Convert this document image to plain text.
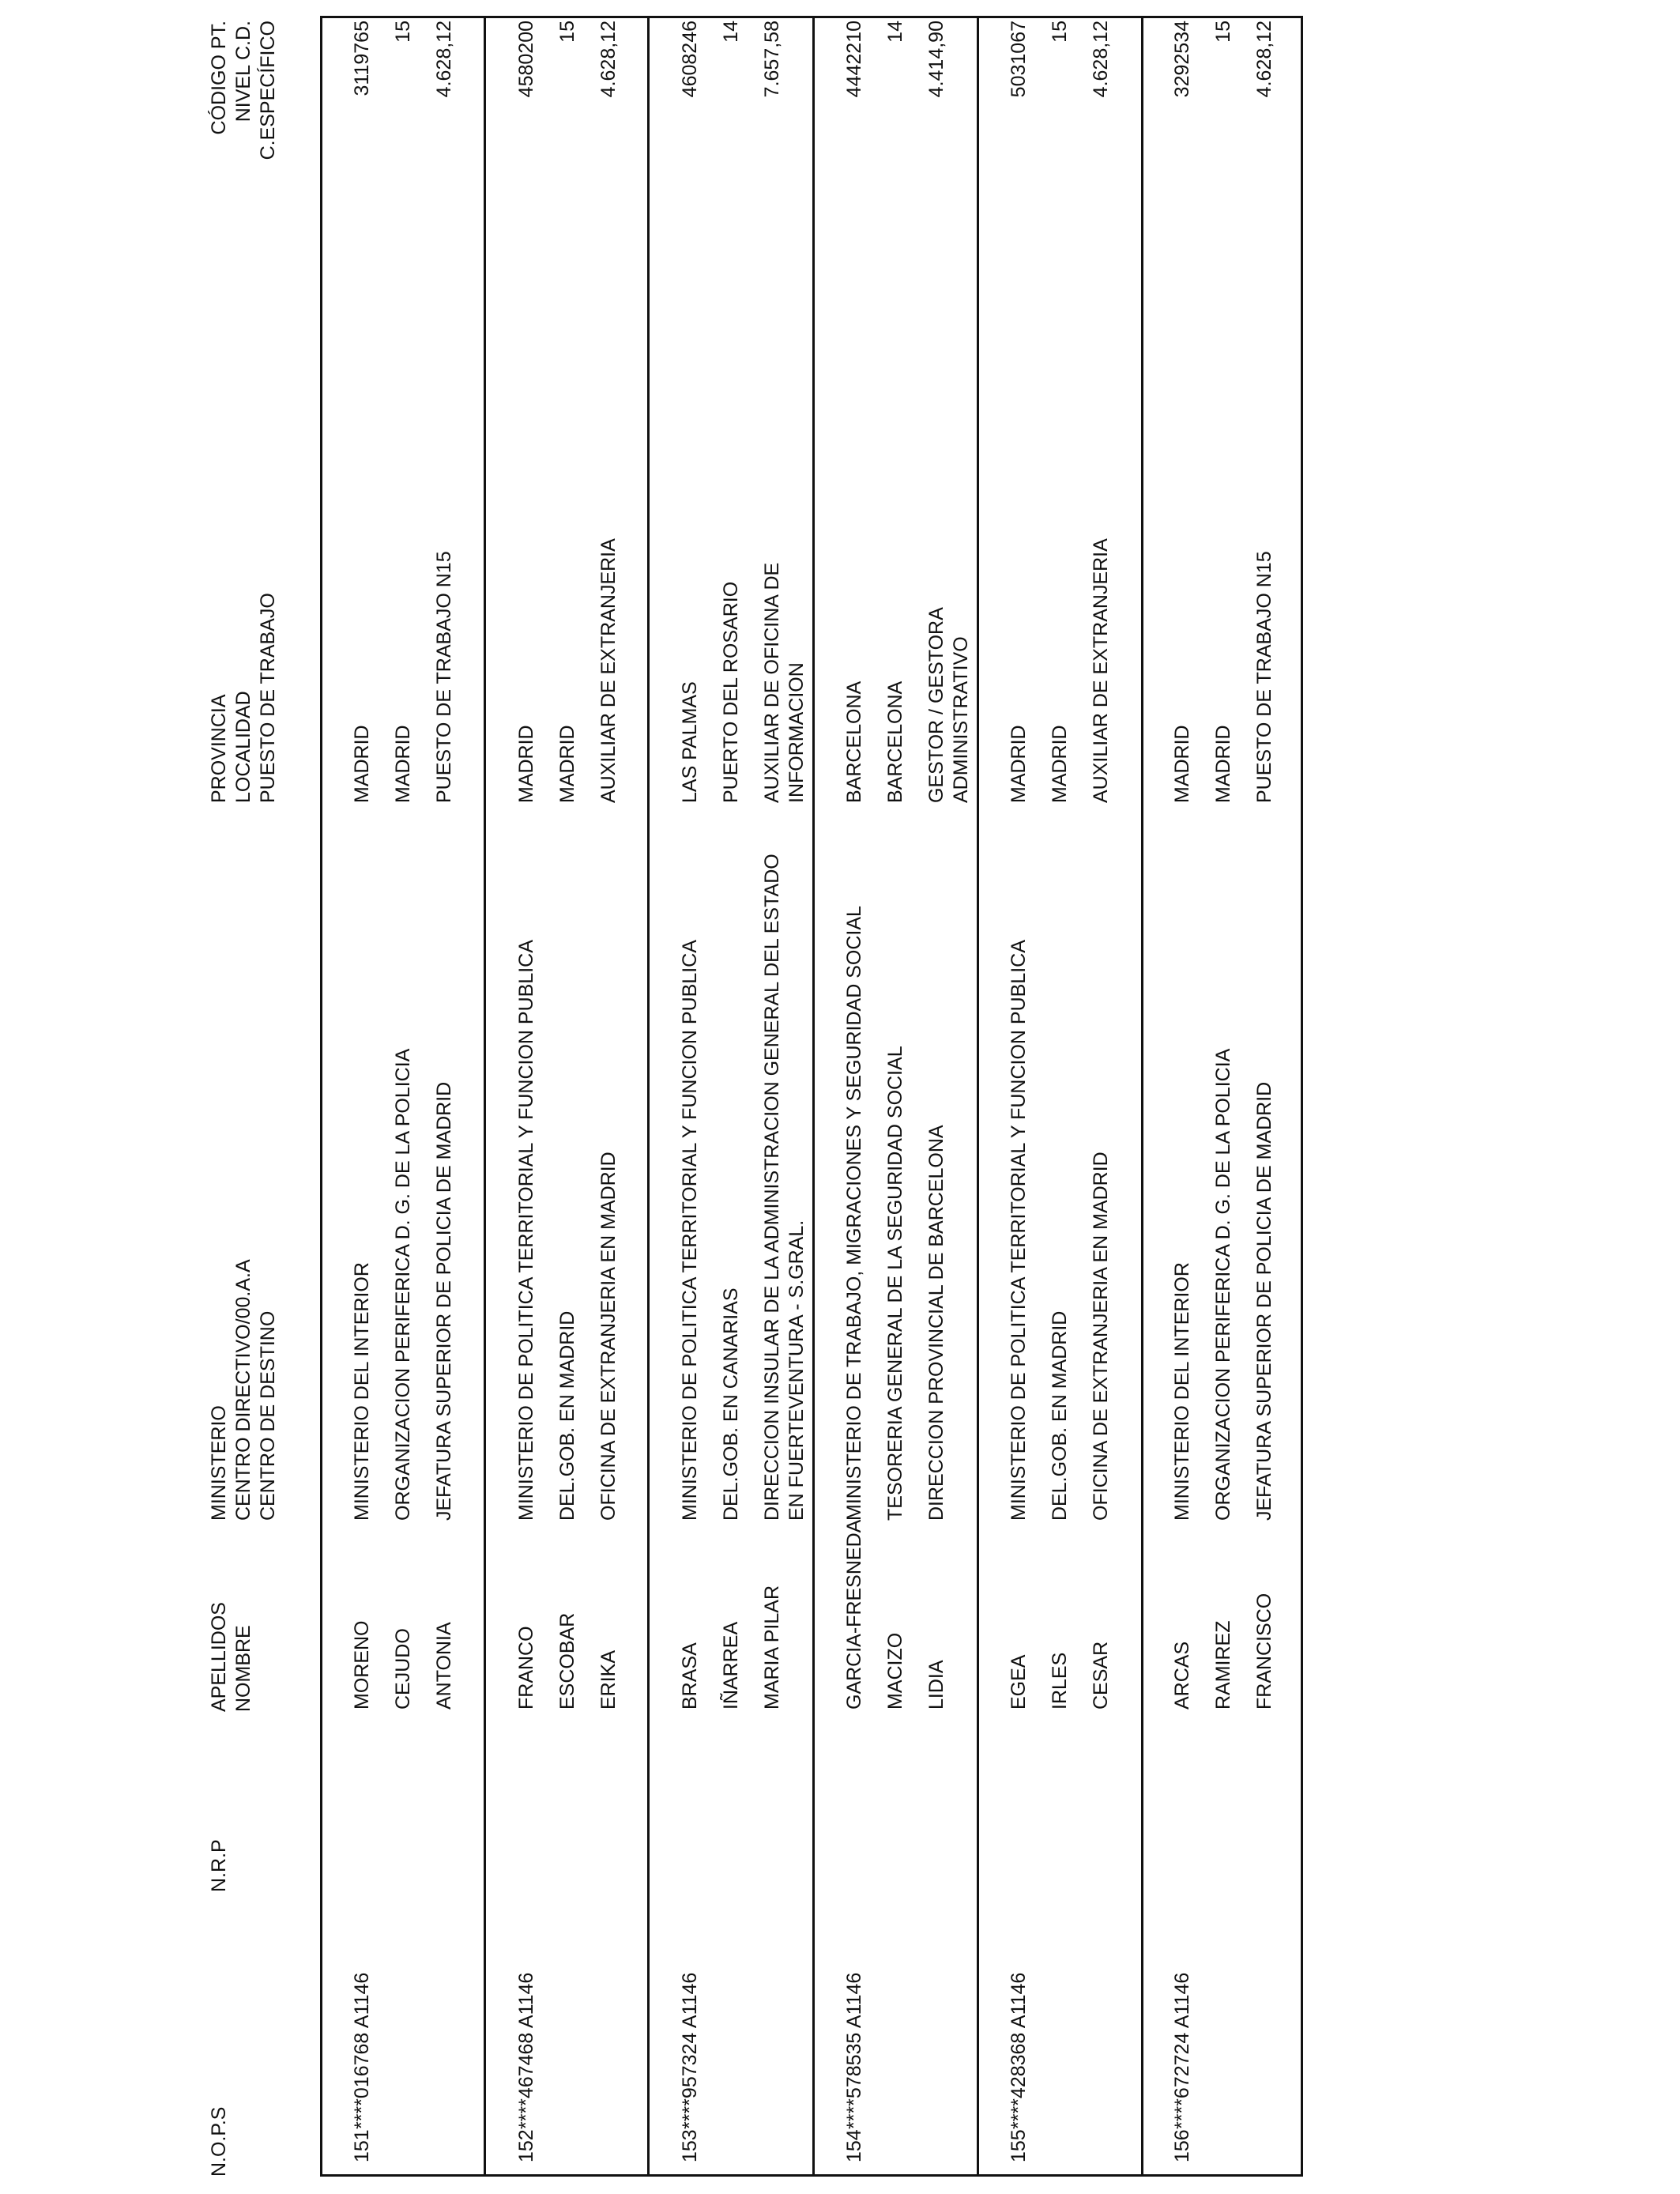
N.O.P.S
N.R.P
APELLIDOS NOMBRE
MINISTERIO CENTRO DIRECTIVO/00.A.A CENTRO DE DESTINO
PROVINCIA LOCALIDAD PUESTO DE TRABAJO
CÓDIGO PT. NIVEL C.D. C.ESPECÍFICO
151
****016768 A1146
MORENO CEJUDO ANTONIA
MINISTERIO DEL INTERIOR ORGANIZACION PERIFERICA D. G. DE LA POLICIA JEFATURA SUPERIOR DE POLICIA DE MADRID
MADRID MADRID PUESTO DE TRABAJO N15
3119765 15 4.628,12
152
****467468 A1146
FRANCO ESCOBAR ERIKA
MINISTERIO DE POLITICA TERRITORIAL Y FUNCION PUBLICA DEL.GOB. EN MADRID OFICINA DE EXTRANJERIA EN MADRID
MADRID MADRID AUXILIAR DE EXTRANJERIA
4580200 15 4.628,12
153
****957324 A1146
BRASA IÑARREA MARIA PILAR
MINISTERIO DE POLITICA TERRITORIAL Y FUNCION PUBLICA DEL.GOB. EN CANARIAS DIRECCION INSULAR DE LA ADMINISTRACION GENERAL DEL ESTADO EN FUERTEVENTURA - S.GRAL.
LAS PALMAS PUERTO DEL ROSARIO AUXILIAR DE OFICINA DE INFORMACION
4608246 14 7.657,58
154
****578535 A1146
GARCIA-FRESNEDA MACIZO LIDIA
MINISTERIO DE TRABAJO, MIGRACIONES Y SEGURIDAD SOCIAL TESORERIA GENERAL DE LA SEGURIDAD SOCIAL DIRECCION PROVINCIAL DE BARCELONA
BARCELONA BARCELONA GESTOR / GESTORA ADMINISTRATIVO
4442210 14 4.414,90
155
****428368 A1146
EGEA IRLES CESAR
MINISTERIO DE POLITICA TERRITORIAL Y FUNCION PUBLICA DEL.GOB. EN MADRID OFICINA DE EXTRANJERIA EN MADRID
MADRID MADRID AUXILIAR DE EXTRANJERIA
5031067 15 4.628,12
156
****672724 A1146
ARCAS RAMIREZ FRANCISCO
MINISTERIO DEL INTERIOR ORGANIZACION PERIFERICA D. G. DE LA POLICIA JEFATURA SUPERIOR DE POLICIA DE MADRID
MADRID MADRID PUESTO DE TRABAJO N15
3292534 15 4.628,12
